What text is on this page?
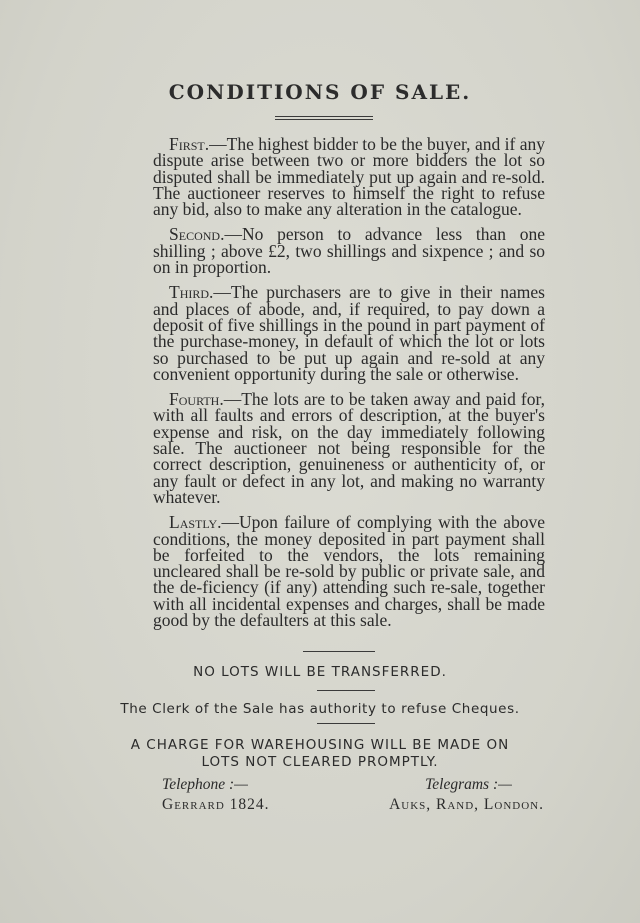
CONDITIONS OF SALE.

First.—The highest bidder to be the buyer, and if any dispute arise between two or more bidders the lot so disputed shall be immediately put up again and re-sold. The auctioneer reserves to himself the right to refuse any bid, also to make any alteration in the catalogue.

Second.—No person to advance less than one shilling ; above £2, two shillings and sixpence ; and so on in proportion.

Third.—The purchasers are to give in their names and places of abode, and, if required, to pay down a deposit of five shillings in the pound in part payment of the purchase-money, in default of which the lot or lots so purchased to be put up again and re-sold at any convenient opportunity during the sale or otherwise.

Fourth.—The lots are to be taken away and paid for, with all faults and errors of description, at the buyer's expense and risk, on the day immediately following sale. The auctioneer not being responsible for the correct description, genuineness or authenticity of, or any fault or defect in any lot, and making no warranty whatever.

Lastly.—Upon failure of complying with the above conditions, the money deposited in part payment shall be forfeited to the vendors, the lots remaining uncleared shall be re-sold by public or private sale, and the de-ficiency (if any) attending such re-sale, together with all incidental expenses and charges, shall be made good by the defaulters at this sale.

NO LOTS WILL BE TRANSFERRED.
The Clerk of the Sale has authority to refuse Cheques.
A CHARGE FOR WAREHOUSING WILL BE MADE ON
LOTS NOT CLEARED PROMPTLY.
Telephone :—
Gerrard 1824.
Telegrams :—
Auks, Rand, London.
